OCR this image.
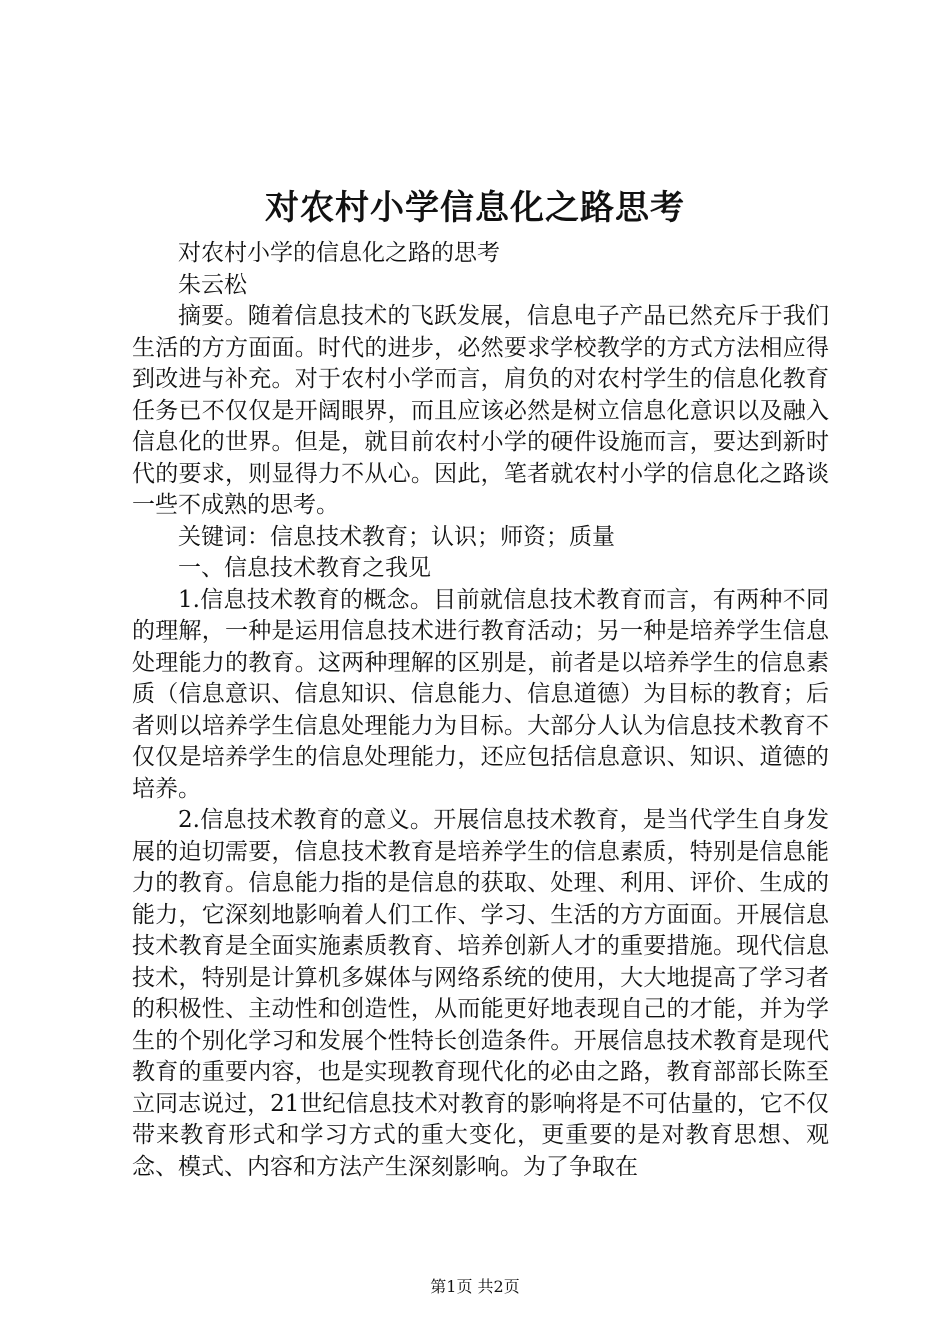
对农村小学信息化之路思考

对农村小学的信息化之路的思考

朱云松

摘要。随着信息技术的飞跃发展，信息电子产品已然充斥于我们生活的方方面面。时代的进步，必然要求学校教学的方式方法相应得到改进与补充。对于农村小学而言，肩负的对农村学生的信息化教育任务已不仅仅是开阔眼界，而且应该必然是树立信息化意识以及融入信息化的世界。但是，就目前农村小学的硬件设施而言，要达到新时代的要求，则显得力不从心。因此，笔者就农村小学的信息化之路谈一些不成熟的思考。

关键词：信息技术教育；认识；师资；质量

一、信息技术教育之我见

1.信息技术教育的概念。目前就信息技术教育而言，有两种不同的理解，一种是运用信息技术进行教育活动；另一种是培养学生信息处理能力的教育。这两种理解的区别是，前者是以培养学生的信息素质（信息意识、信息知识、信息能力、信息道德）为目标的教育；后者则以培养学生信息处理能力为目标。大部分人认为信息技术教育不仅仅是培养学生的信息处理能力，还应包括信息意识、知识、道德的培养。

2.信息技术教育的意义。开展信息技术教育，是当代学生自身发展的迫切需要，信息技术教育是培养学生的信息素质，特别是信息能力的教育。信息能力指的是信息的获取、处理、利用、评价、生成的能力，它深刻地影响着人们工作、学习、生活的方方面面。开展信息技术教育是全面实施素质教育、培养创新人才的重要措施。现代信息技术，特别是计算机多媒体与网络系统的使用，大大地提高了学习者的积极性、主动性和创造性，从而能更好地表现自己的才能，并为学生的个别化学习和发展个性特长创造条件。开展信息技术教育是现代教育的重要内容，也是实现教育现代化的必由之路，教育部部长陈至立同志说过，21世纪信息技术对教育的影响将是不可估量的，它不仅带来教育形式和学习方式的重大变化，更重要的是对教育思想、观念、模式、内容和方法产生深刻影响。为了争取在

第1页 共2页
